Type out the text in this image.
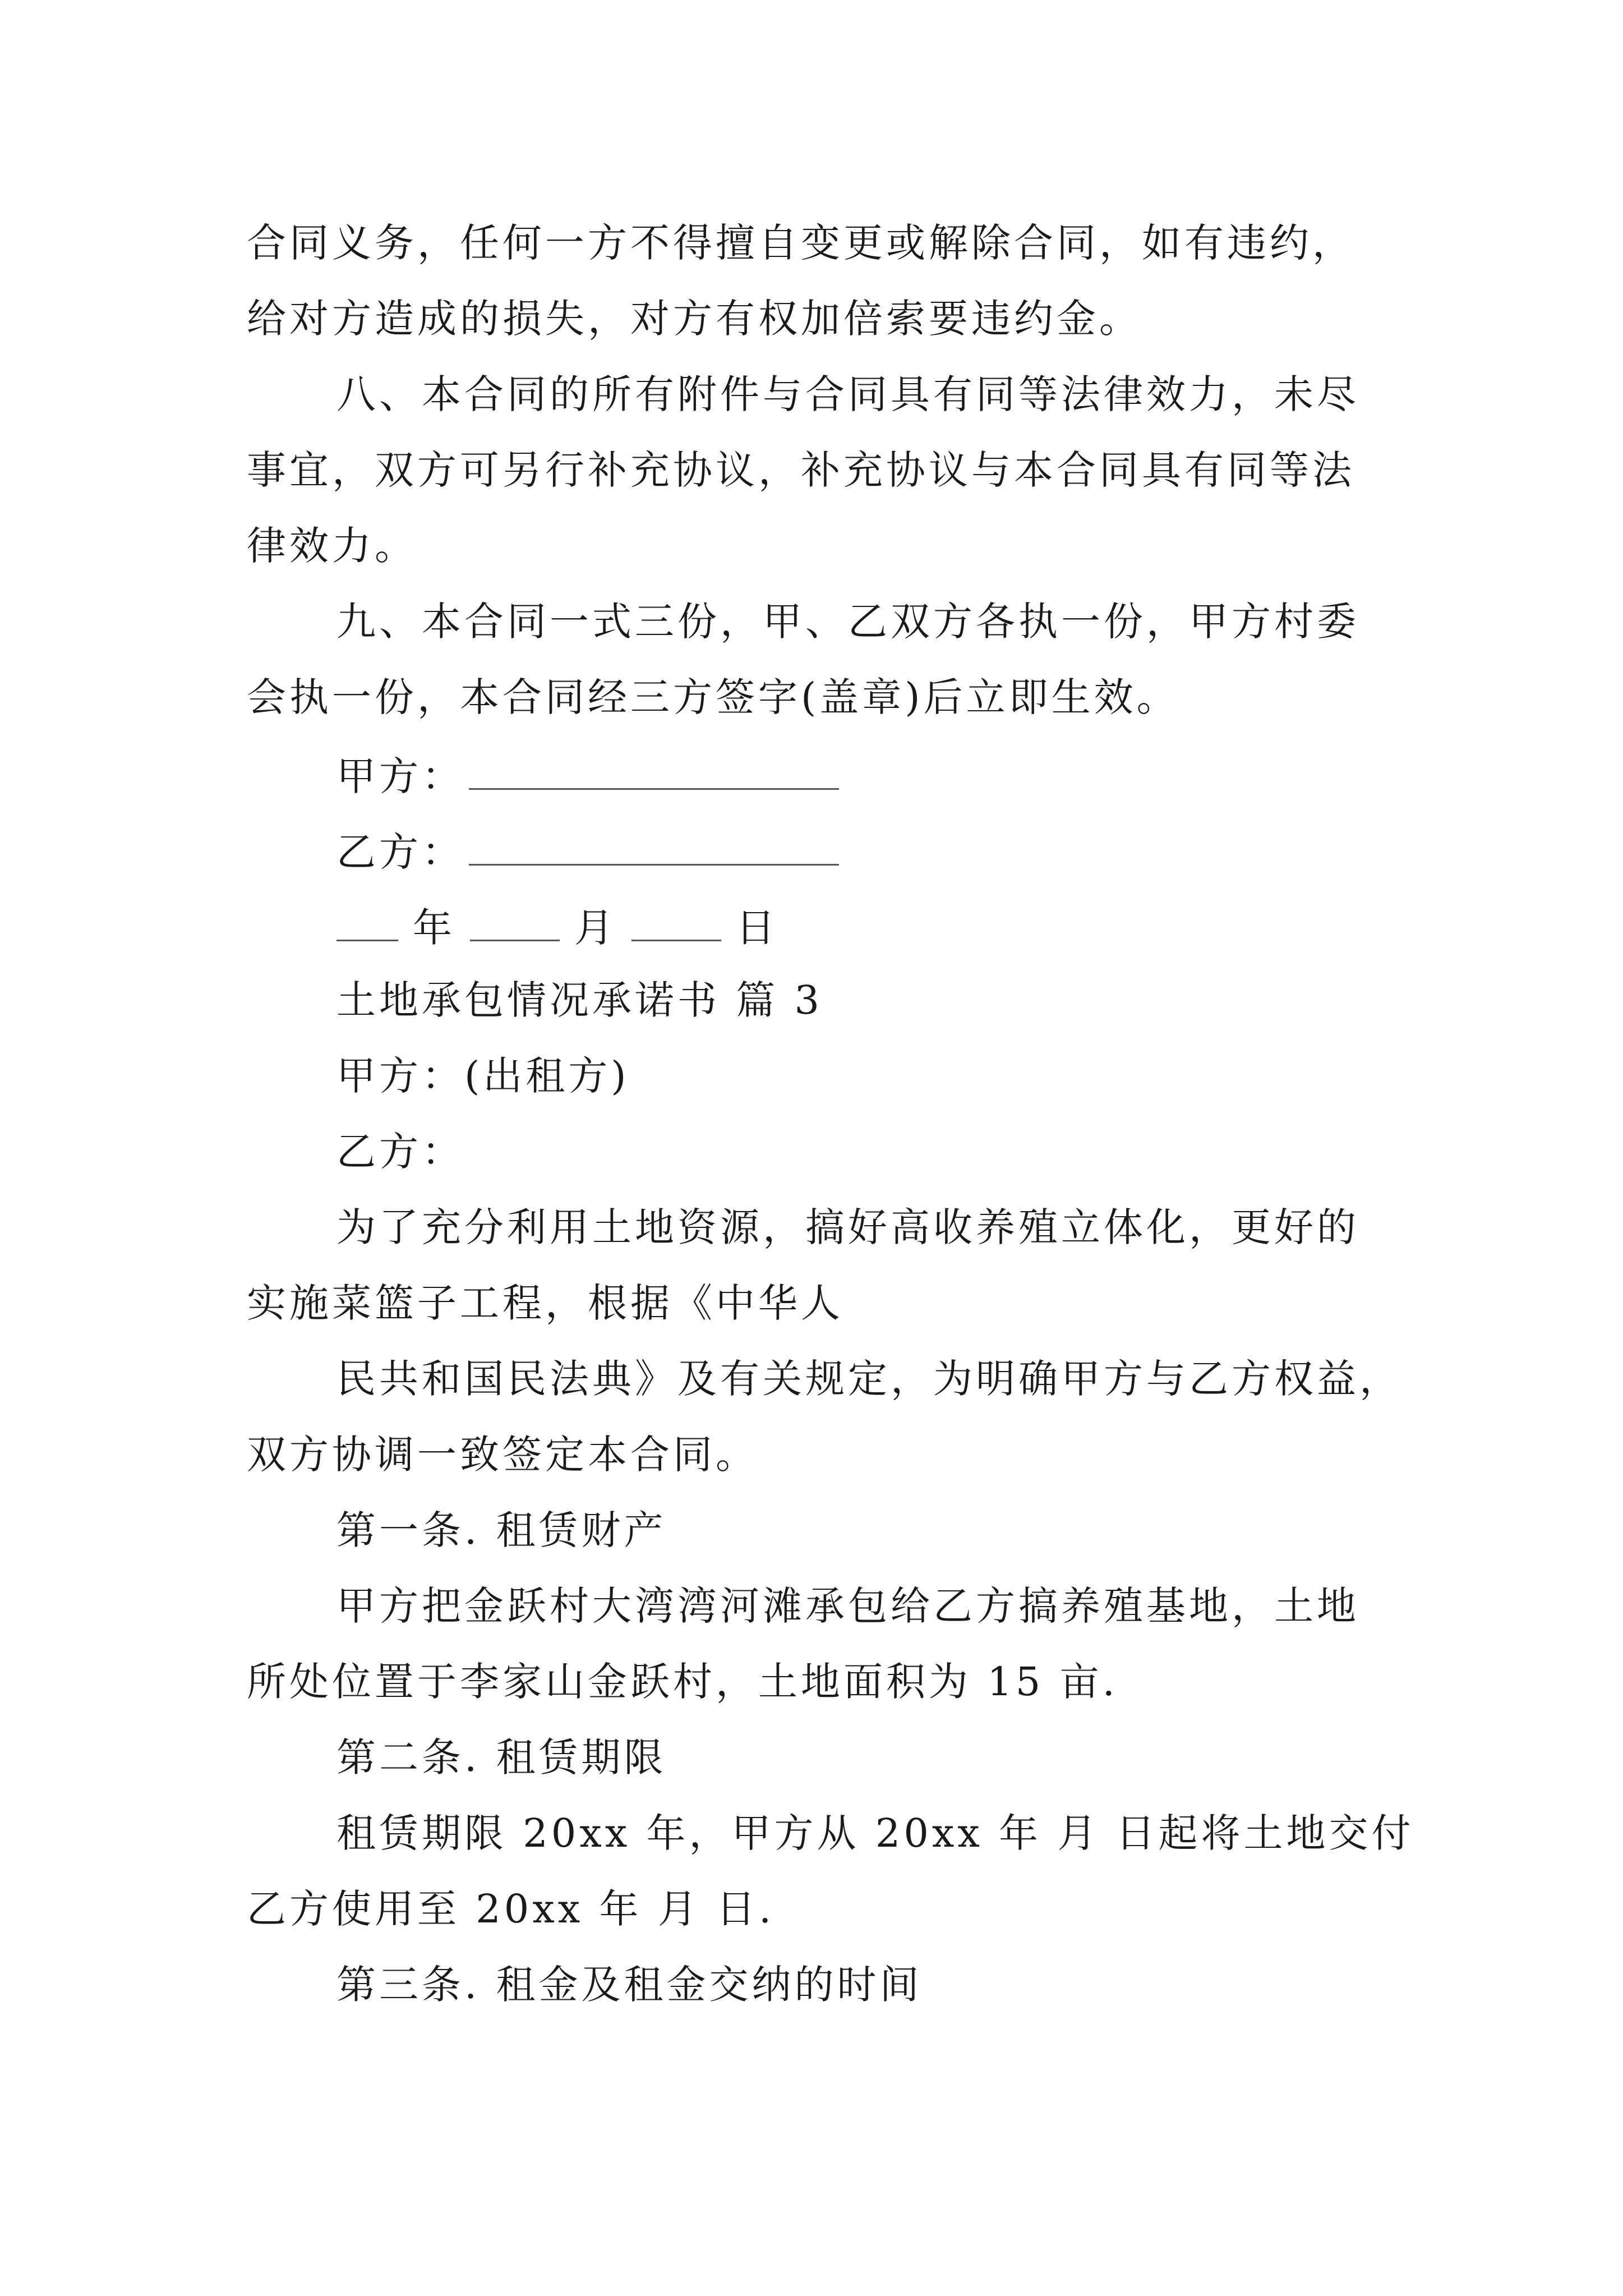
合同义务，任何一方不得擅自变更或解除合同，如有违约，
给对方造成的损失，对方有权加倍索要违约金。
八、本合同的所有附件与合同具有同等法律效力，未尽
事宜，双方可另行补充协议，补充协议与本合同具有同等法
律效力。
九、本合同一式三份，甲、乙双方各执一份，甲方村委
会执一份，本合同经三方签字(盖章)后立即生效。
甲方：
乙方：
年	月	日
土地承包情况承诺书 篇 3
甲方：(出租方)
乙方：
为了充分利用土地资源，搞好高收养殖立体化，更好的
实施菜篮子工程，根据《中华人
民共和国民法典》及有关规定，为明确甲方与乙方权益，
双方协调一致签定本合同。
第一条. 租赁财产
甲方把金跃村大湾湾河滩承包给乙方搞养殖基地，土地
所处位置于李家山金跃村，土地面积为 15 亩.
第二条. 租赁期限
租赁期限 20xx 年，甲方从 20xx 年 月 日起将土地交付
乙方使用至 20xx 年 月 日.
第三条. 租金及租金交纳的时间
